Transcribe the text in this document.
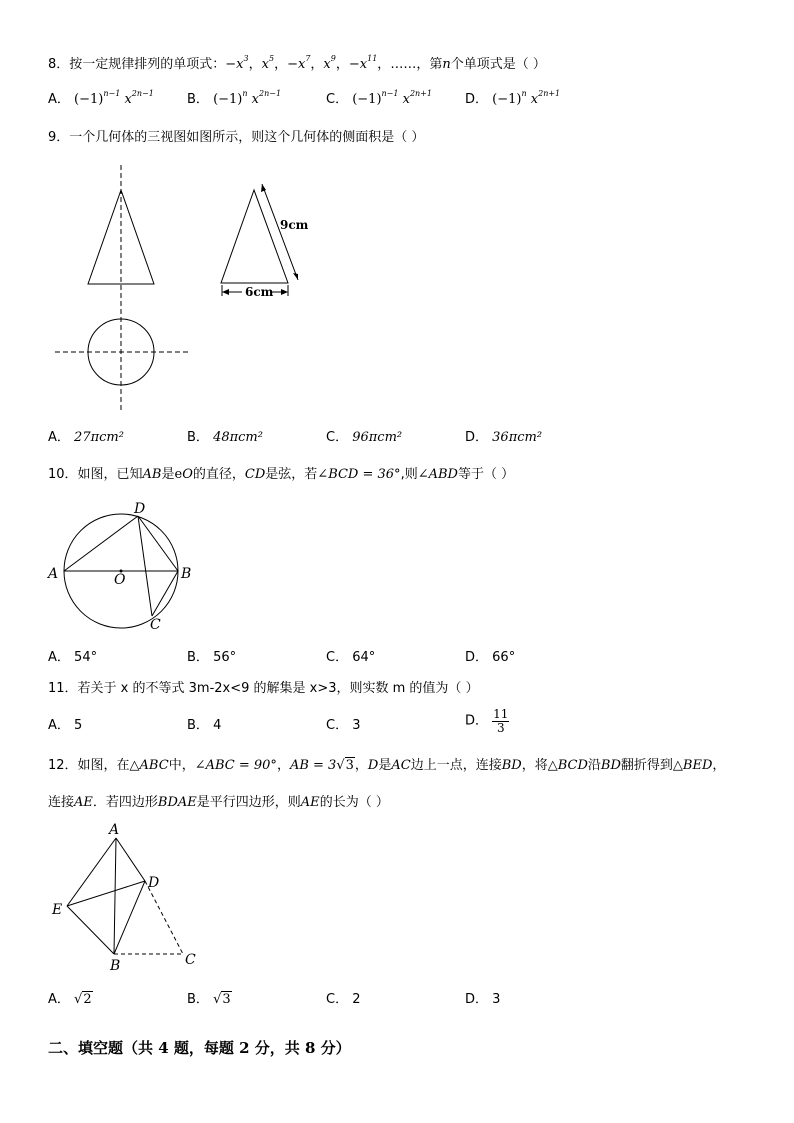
8．按一定规律排列的单项式：$-x^3$，$x^5$，$-x^7$，$x^9$，$-x^{11}$，……，第n个单项式是（ ）
A． $(-1)^{n-1}$ $x^{2n-1}$	B． $(-1)^n$ $x^{2n-1}$	C． $(-1)^{n-1}$ $x^{2n+1}$	D． $(-1)^n$ $x^{2n+1}$
9．一个几何体的三视图如图所示，则这个几何体的侧面积是（ ）
9cm
6cm
A	B
C
D
O
A
D
E
B	C
A． 27πcm²	B． 48πcm²	C． 96πcm²	D． 36πcm²
10．如图，已知AB是eO的直径，CD是弦，若∠BCD = 36°,则∠ABD等于（ ）
A． 54°	B． 56°	C． 64°	D． 66°
11．若关于 x 的不等式 3m-2x<9 的解集是 x>3，则实数 m 的值为（ ）
A． 5	B． 4	C． 3	D． $\frac{11}{3}$
12．如图，在△ABC中，∠ABC = 90°，AB = 3√3，D是AC边上一点，连接BD，将△BCD沿BD翻折得到△BED，
连接AE．若四边形BDAE是平行四边形，则AE的长为（ ）
A． √2	B． √3	C． 2	D． 3
二、填空题（共 4 题，每题 2 分，共 8 分）
